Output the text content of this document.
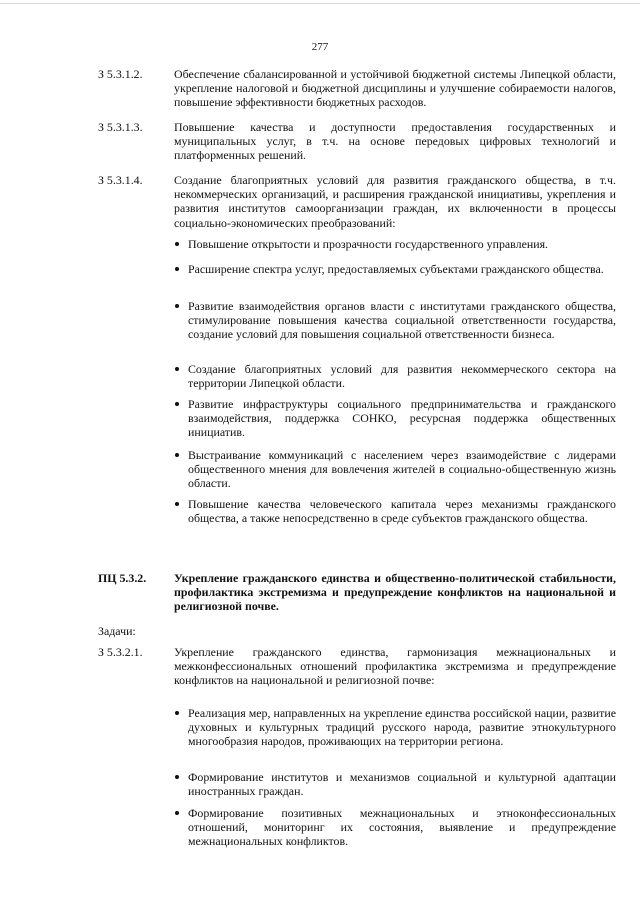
277
З 5.3.1.2.	Обеспечение сбалансированной и устойчивой бюджетной системы Липецкой области, укрепление налоговой и бюджетной дисциплины и улучшение собираемости налогов, повышение эффективности бюджетных расходов.
З 5.3.1.3.	Повышение качества и доступности предоставления государственных и муниципальных услуг, в т.ч. на основе передовых цифровых технологий и платформенных решений.
З 5.3.1.4.	Создание благоприятных условий для развития гражданского общества, в т.ч. некоммерческих организаций, и расширения гражданской инициативы, укрепления и развития институтов самоорганизации граждан, их включенности в процессы социально-экономических преобразований:
Повышение открытости и прозрачности государственного управления.
Расширение спектра услуг, предоставляемых субъектами гражданского общества.
Развитие взаимодействия органов власти с институтами гражданского общества, стимулирование повышения качества социальной ответственности государства, создание условий для повышения социальной ответственности бизнеса.
Создание благоприятных условий для развития некоммерческого сектора на территории Липецкой области.
Развитие инфраструктуры социального предпринимательства и гражданского взаимодействия, поддержка СОНКО, ресурсная поддержка общественных инициатив.
Выстраивание коммуникаций с населением через взаимодействие с лидерами общественного мнения для вовлечения жителей в социально-общественную жизнь области.
Повышение качества человеческого капитала через механизмы гражданского общества, а также непосредственно в среде субъектов гражданского общества.
ПЦ 5.3.2.	Укрепление гражданского единства и общественно-политической стабильности, профилактика экстремизма и предупреждение конфликтов на национальной и религиозной почве.
Задачи:
З 5.3.2.1.	Укрепление гражданского единства, гармонизация межнациональных и межконфессиональных отношений профилактика экстремизма и предупреждение конфликтов на национальной и религиозной почве:
Реализация мер, направленных на укрепление единства российской нации, развитие духовных и культурных традиций русского народа, развитие этнокультурного многообразия народов, проживающих на территории региона.
Формирование институтов и механизмов социальной и культурной адаптации иностранных граждан.
Формирование позитивных межнациональных и этноконфессиональных отношений, мониторинг их состояния, выявление и предупреждение межнациональных конфликтов.
